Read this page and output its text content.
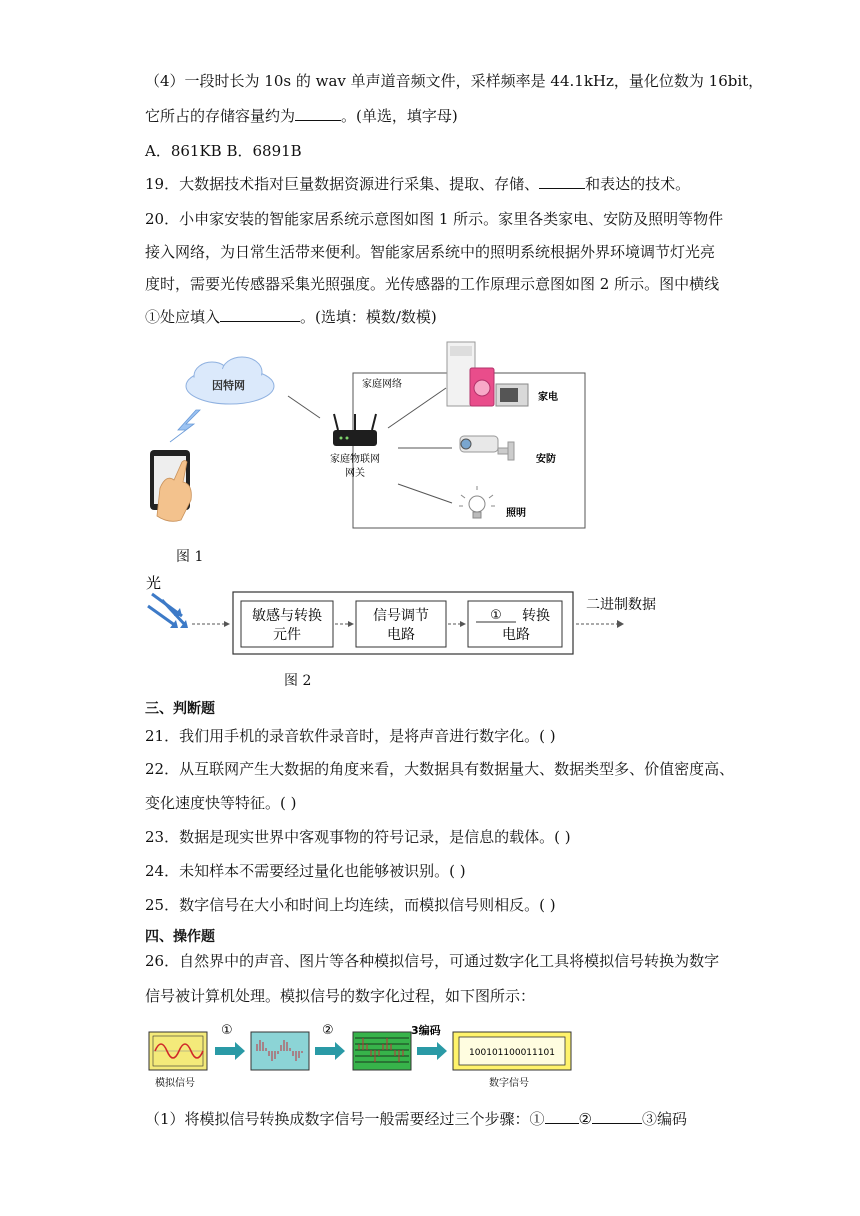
（4）一段时长为 10s 的 wav 单声道音频文件，采样频率是 44.1kHz，量化位数为 16bit，
它所占的存储容量约为	。(单选，填字母)
A．861KB B．6891B
19．大数据技术指对巨量数据资源进行采集、提取、存储、	和表达的技术。
20．小申家安装的智能家居系统示意图如图 1 所示。家里各类家电、安防及照明等物件
接入网络，为日常生活带来便利。智能家居系统中的照明系统根据外界环境调节灯光亮
度时，需要光传感器采集光照强度。光传感器的工作原理示意图如图 2 所示。图中横线
①处应填入	。(选填：模数/数模)
家庭网络
因特网
家庭物联网
网关
家电
安防
照明
图 1
光
敏感与转换
元件
信号调节
电路
① 转换
电路
二进制数据
图 2
三、判断题
21．我们用手机的录音软件录音时，是将声音进行数字化。( )
22．从互联网产生大数据的角度来看，大数据具有数据量大、数据类型多、价值密度高、
变化速度快等特征。( )
23．数据是现实世界中客观事物的符号记录，是信息的载体。( )
24．未知样本不需要经过量化也能够被识别。( )
25．数字信号在大小和时间上均连续，而模拟信号则相反。( )
四、操作题
26．自然界中的声音、图片等各种模拟信号，可通过数字化工具将模拟信号转换为数字
信号被计算机处理。模拟信号的数字化过程，如下图所示：
模拟信号
①	②	3编码
100101100011101
数字信号
（1）将模拟信号转换成数字信号一般需要经过三个步骤：① ②	③编码
